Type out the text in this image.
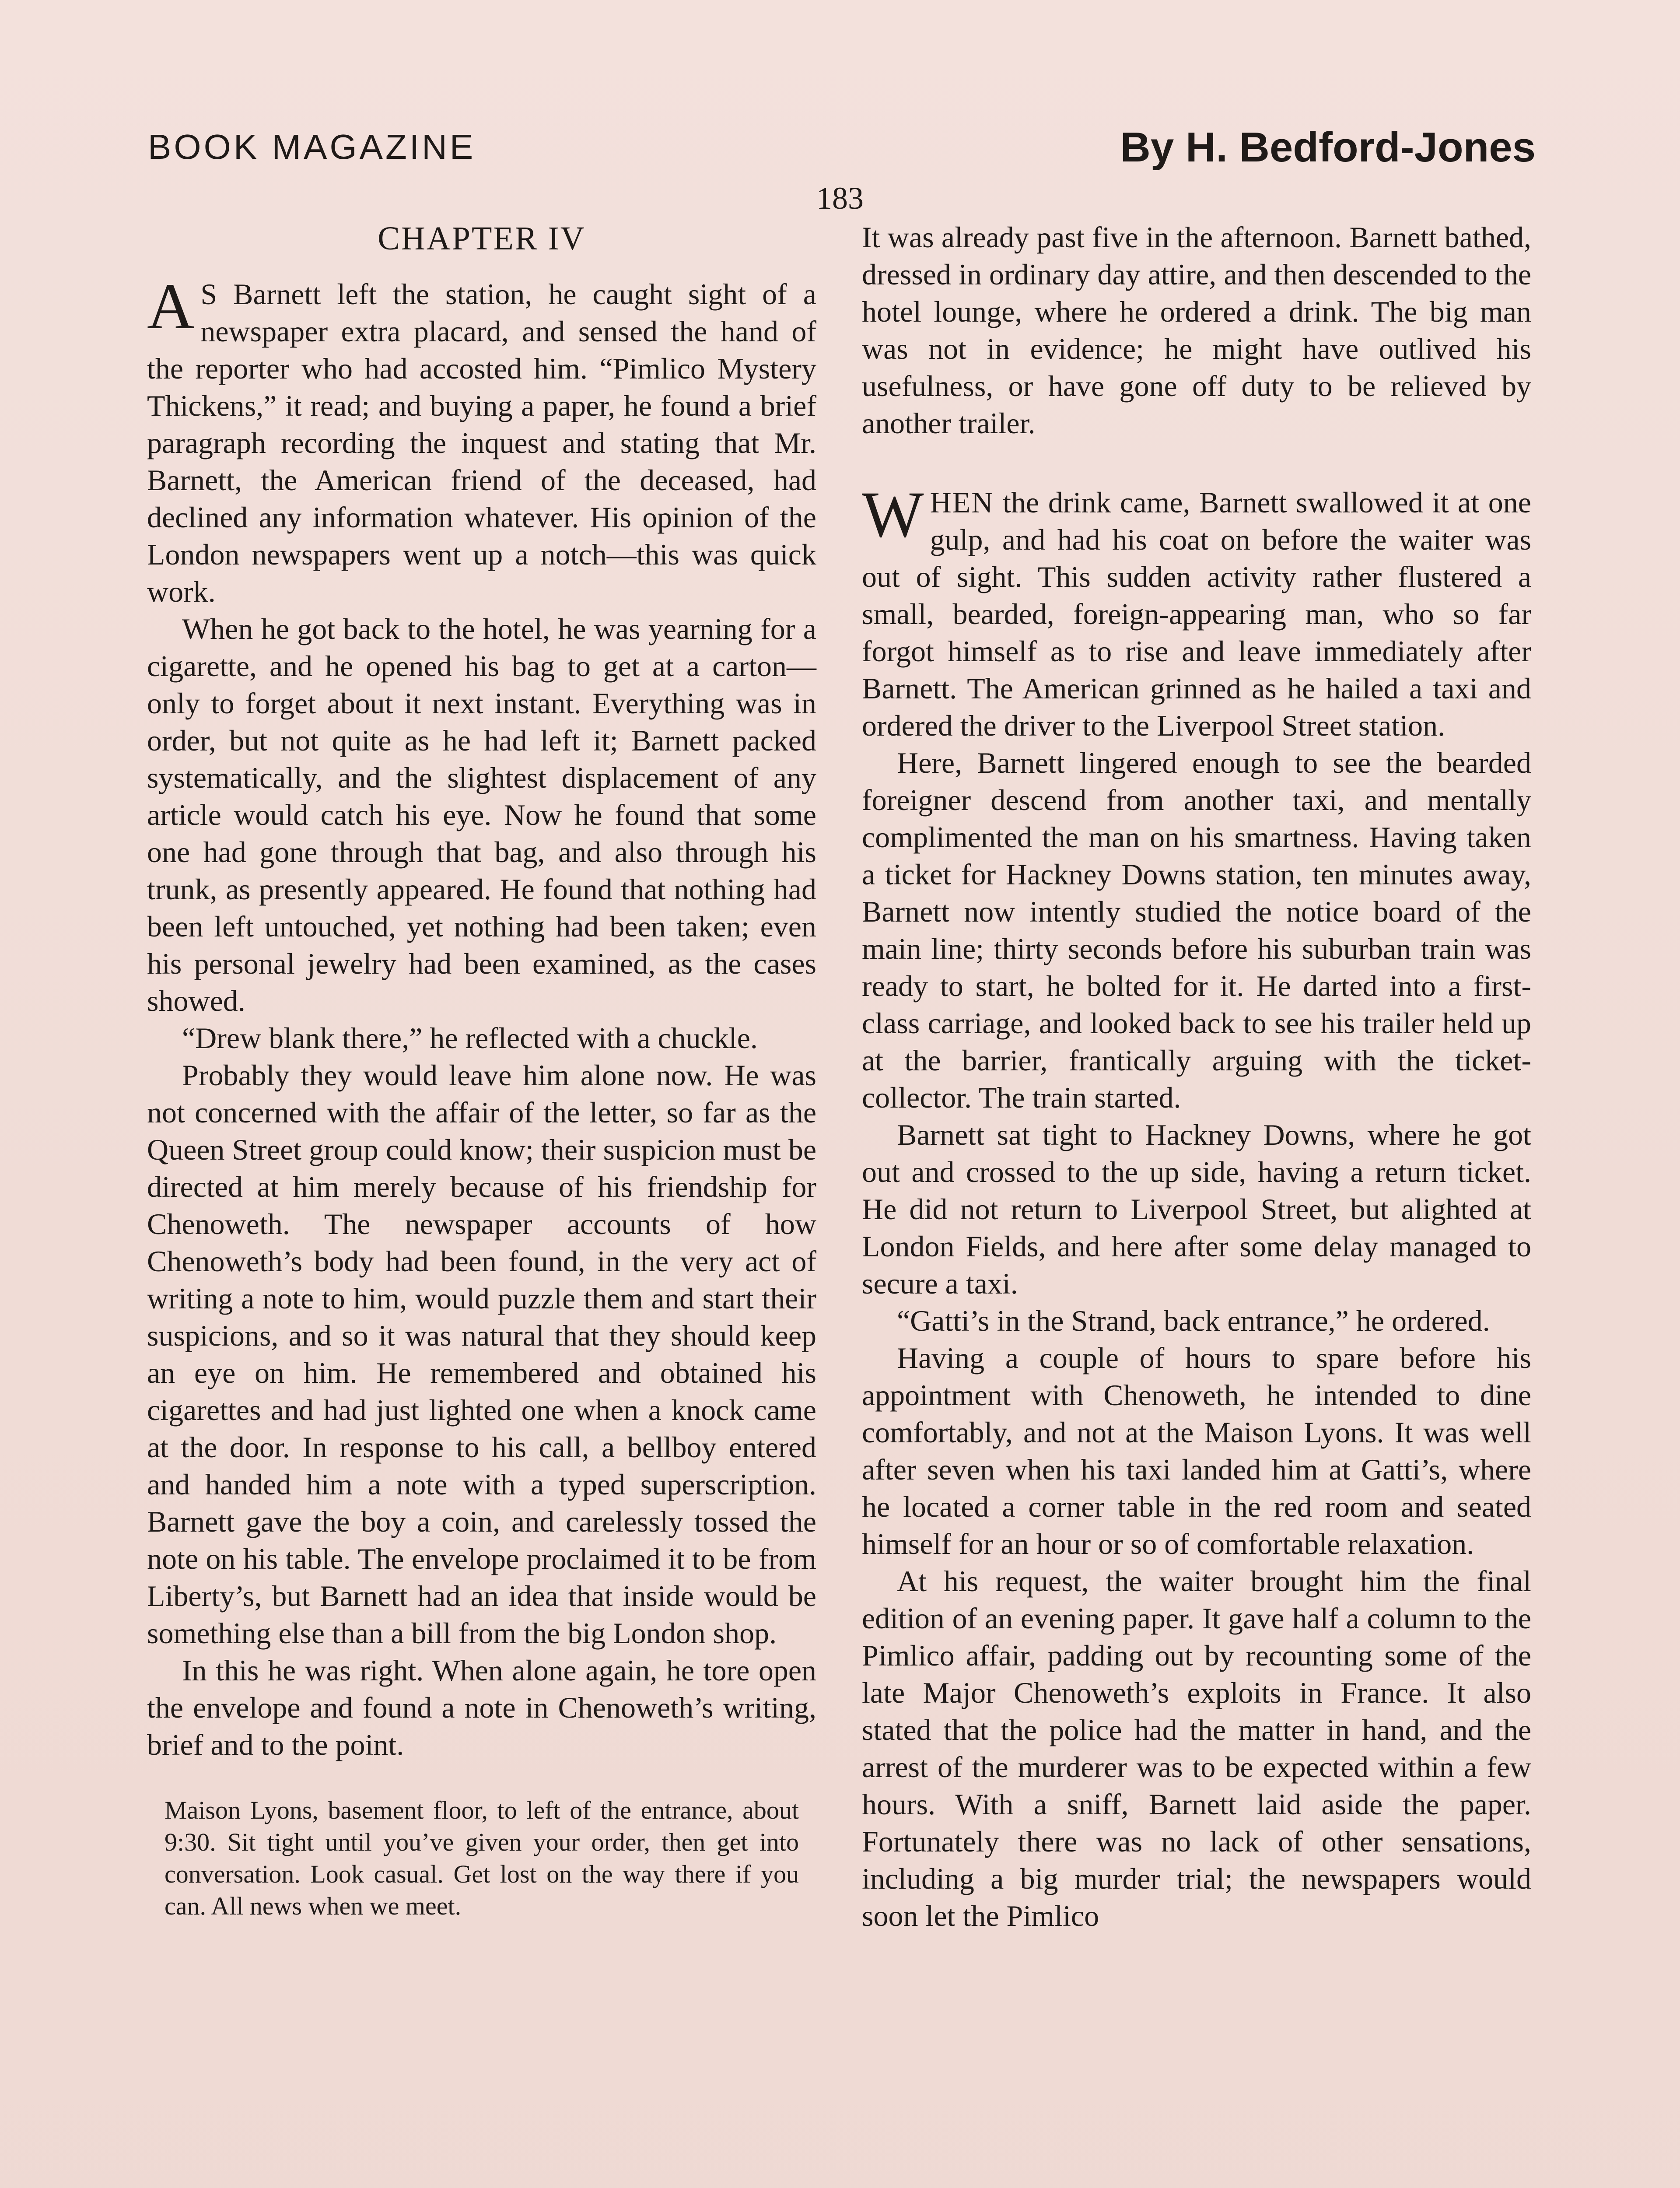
BOOK MAGAZINE	By H. Bedford-Jones
183
CHAPTER IV

A S Barnett left the station, he caught sight of a newspaper extra placard, and sensed the hand of the reporter who had accosted him. “Pimlico Mystery Thickens,” it read; and buying a paper, he found a brief paragraph recording the inquest and stating that Mr. Barnett, the American friend of the deceased, had declined any information whatever. His opinion of the London newspapers went up a notch—this was quick work.

When he got back to the hotel, he was yearning for a cigarette, and he opened his bag to get at a carton—only to forget about it next instant. Everything was in order, but not quite as he had left it; Barnett packed systematically, and the slightest displacement of any article would catch his eye. Now he found that some one had gone through that bag, and also through his trunk, as presently appeared. He found that nothing had been left untouched, yet nothing had been taken; even his personal jewelry had been examined, as the cases showed.

“Drew blank there,” he reflected with a chuckle.

Probably they would leave him alone now. He was not concerned with the affair of the letter, so far as the Queen Street group could know; their suspicion must be directed at him merely because of his friendship for Chenoweth. The newspaper accounts of how Chenoweth’s body had been found, in the very act of writing a note to him, would puzzle them and start their suspicions, and so it was natural that they should keep an eye on him. He remembered and obtained his cigarettes and had just lighted one when a knock came at the door. In response to his call, a bellboy entered and handed him a note with a typed superscription. Barnett gave the boy a coin, and carelessly tossed the note on his table. The envelope proclaimed it to be from Liberty’s, but Barnett had an idea that inside would be something else than a bill from the big London shop.

In this he was right. When alone again, he tore open the envelope and found a note in Chenoweth’s writing, brief and to the point.

Maison Lyons, basement floor, to left of the entrance, about 9:30. Sit tight until you’ve given your order, then get into conversation. Look casual. Get lost on the way there if you can. All news when we meet.

It was already past five in the afternoon. Barnett bathed, dressed in ordinary day attire, and then descended to the hotel lounge, where he ordered a drink. The big man was not in evidence; he might have outlived his usefulness, or have gone off duty to be relieved by another trailer.

WHEN the drink came, Barnett swallowed it at one gulp, and had his coat on before the waiter was out of sight. This sudden activity rather flustered a small, bearded, foreign-appearing man, who so far forgot himself as to rise and leave immediately after Barnett. The American grinned as he hailed a taxi and ordered the driver to the Liverpool Street station.

Here, Barnett lingered enough to see the bearded foreigner descend from another taxi, and mentally complimented the man on his smartness. Having taken a ticket for Hackney Downs station, ten minutes away, Barnett now intently studied the notice board of the main line; thirty seconds before his suburban train was ready to start, he bolted for it. He darted into a first-class carriage, and looked back to see his trailer held up at the barrier, frantically arguing with the ticket-collector. The train started.

Barnett sat tight to Hackney Downs, where he got out and crossed to the up side, having a return ticket. He did not return to Liverpool Street, but alighted at London Fields, and here after some delay managed to secure a taxi.

“Gatti’s in the Strand, back entrance,” he ordered.

Having a couple of hours to spare before his appointment with Chenoweth, he intended to dine comfortably, and not at the Maison Lyons. It was well after seven when his taxi landed him at Gatti’s, where he located a corner table in the red room and seated himself for an hour or so of comfortable relaxation.

At his request, the waiter brought him the final edition of an evening paper. It gave half a column to the Pimlico affair, padding out by recounting some of the late Major Chenoweth’s exploits in France. It also stated that the police had the matter in hand, and the arrest of the murderer was to be expected within a few hours. With a sniff, Barnett laid aside the paper. Fortunately there was no lack of other sensations, including a big murder trial; the newspapers would soon let the Pimlico
